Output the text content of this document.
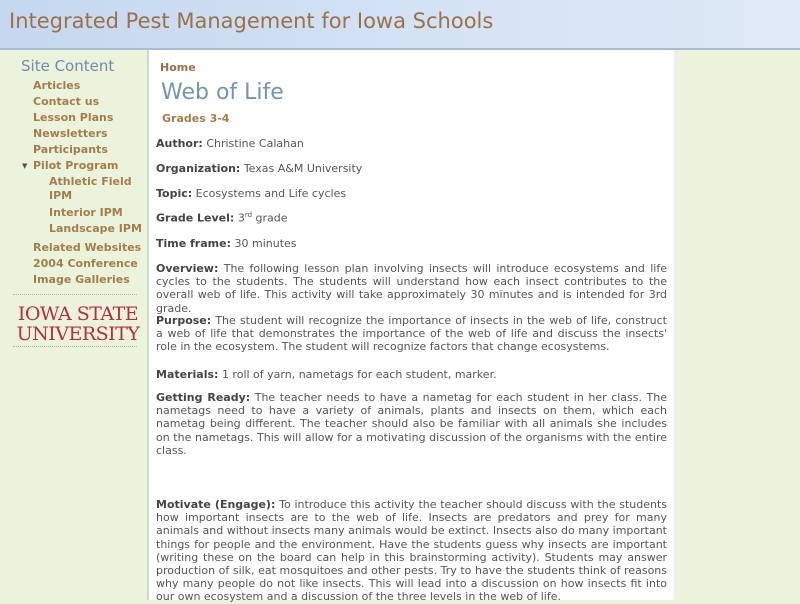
Integrated Pest Management for Iowa Schools
Site Content
Articles
Contact us
Lesson Plans
Newsletters
Participants
▼ Pilot Program
Athletic Field
IPM
Interior IPM
Landscape IPM
Related Websites
2004 Conference
Image Galleries
IOWA STATE
UNIVERSITY
Home
Web of Life
Grades 3-4
Author: Christine Calahan
Organization: Texas A&M University
Topic: Ecosystems and Life cycles
Grade Level: 3rd grade
Time frame: 30 minutes
Overview: The following lesson plan involving insects will introduce ecosystems and life cycles to the students. The students will understand how each insect contributes to the overall web of life. This activity will take approximately 30 minutes and is intended for 3rd grade.
Purpose: The student will recognize the importance of insects in the web of life, construct a web of life that demonstrates the importance of the web of life and discuss the insects' role in the ecosystem. The student will recognize factors that change ecosystems.
Materials: 1 roll of yarn, nametags for each student, marker.
Getting Ready: The teacher needs to have a nametag for each student in her class. The nametags need to have a variety of animals, plants and insects on them, which each nametag being different. The teacher should also be familiar with all animals she includes on the nametags. This will allow for a motivating discussion of the organisms with the entire class.
Motivate (Engage): To introduce this activity the teacher should discuss with the students how important insects are to the web of life. Insects are predators and prey for many animals and without insects many animals would be extinct. Insects also do many important things for people and the environment. Have the students guess why insects are important (writing these on the board can help in this brainstorming activity). Students may answer production of silk, eat mosquitoes and other pests. Try to have the students think of reasons why many people do not like insects. This will lead into a discussion on how insects fit into our own ecosystem and a discussion of the three levels in the web of life.
